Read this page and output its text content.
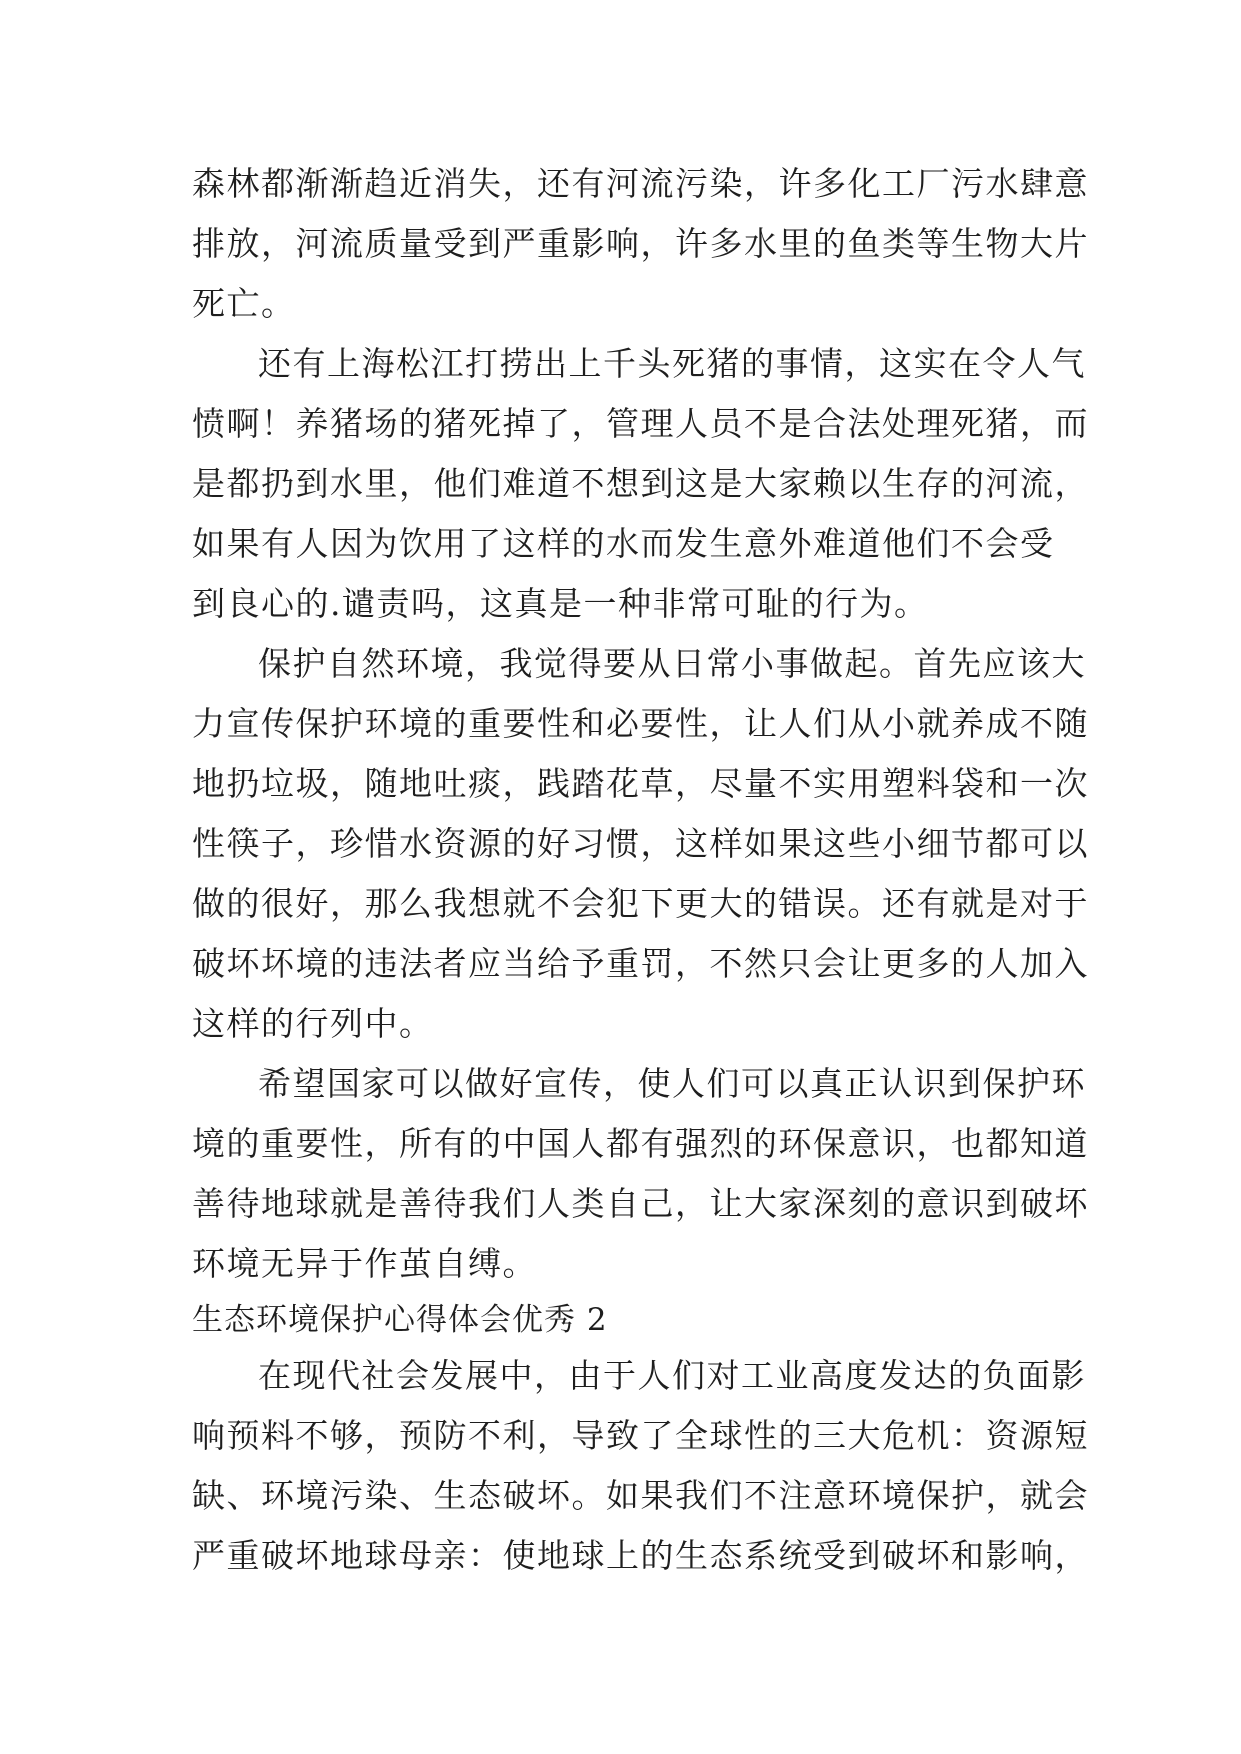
森林都渐渐趋近消失，还有河流污染，许多化工厂污水肆意
排放，河流质量受到严重影响，许多水里的鱼类等生物大片
死亡。
还有上海松江打捞出上千头死猪的事情，这实在令人气
愤啊！养猪场的猪死掉了，管理人员不是合法处理死猪，而
是都扔到水里，他们难道不想到这是大家赖以生存的河流，
如果有人因为饮用了这样的水而发生意外难道他们不会受
到良心的.谴责吗，这真是一种非常可耻的行为。
保护自然环境，我觉得要从日常小事做起。首先应该大
力宣传保护环境的重要性和必要性，让人们从小就养成不随
地扔垃圾，随地吐痰，践踏花草，尽量不实用塑料袋和一次
性筷子，珍惜水资源的好习惯，这样如果这些小细节都可以
做的很好，那么我想就不会犯下更大的错误。还有就是对于
破坏坏境的违法者应当给予重罚，不然只会让更多的人加入
这样的行列中。
希望国家可以做好宣传，使人们可以真正认识到保护环
境的重要性，所有的中国人都有强烈的环保意识，也都知道
善待地球就是善待我们人类自己，让大家深刻的意识到破坏
环境无异于作茧自缚。
生态环境保护心得体会优秀 2
在现代社会发展中，由于人们对工业高度发达的负面影
响预料不够，预防不利，导致了全球性的三大危机：资源短
缺、环境污染、生态破坏。如果我们不注意环境保护，就会
严重破坏地球母亲：使地球上的生态系统受到破坏和影响，
